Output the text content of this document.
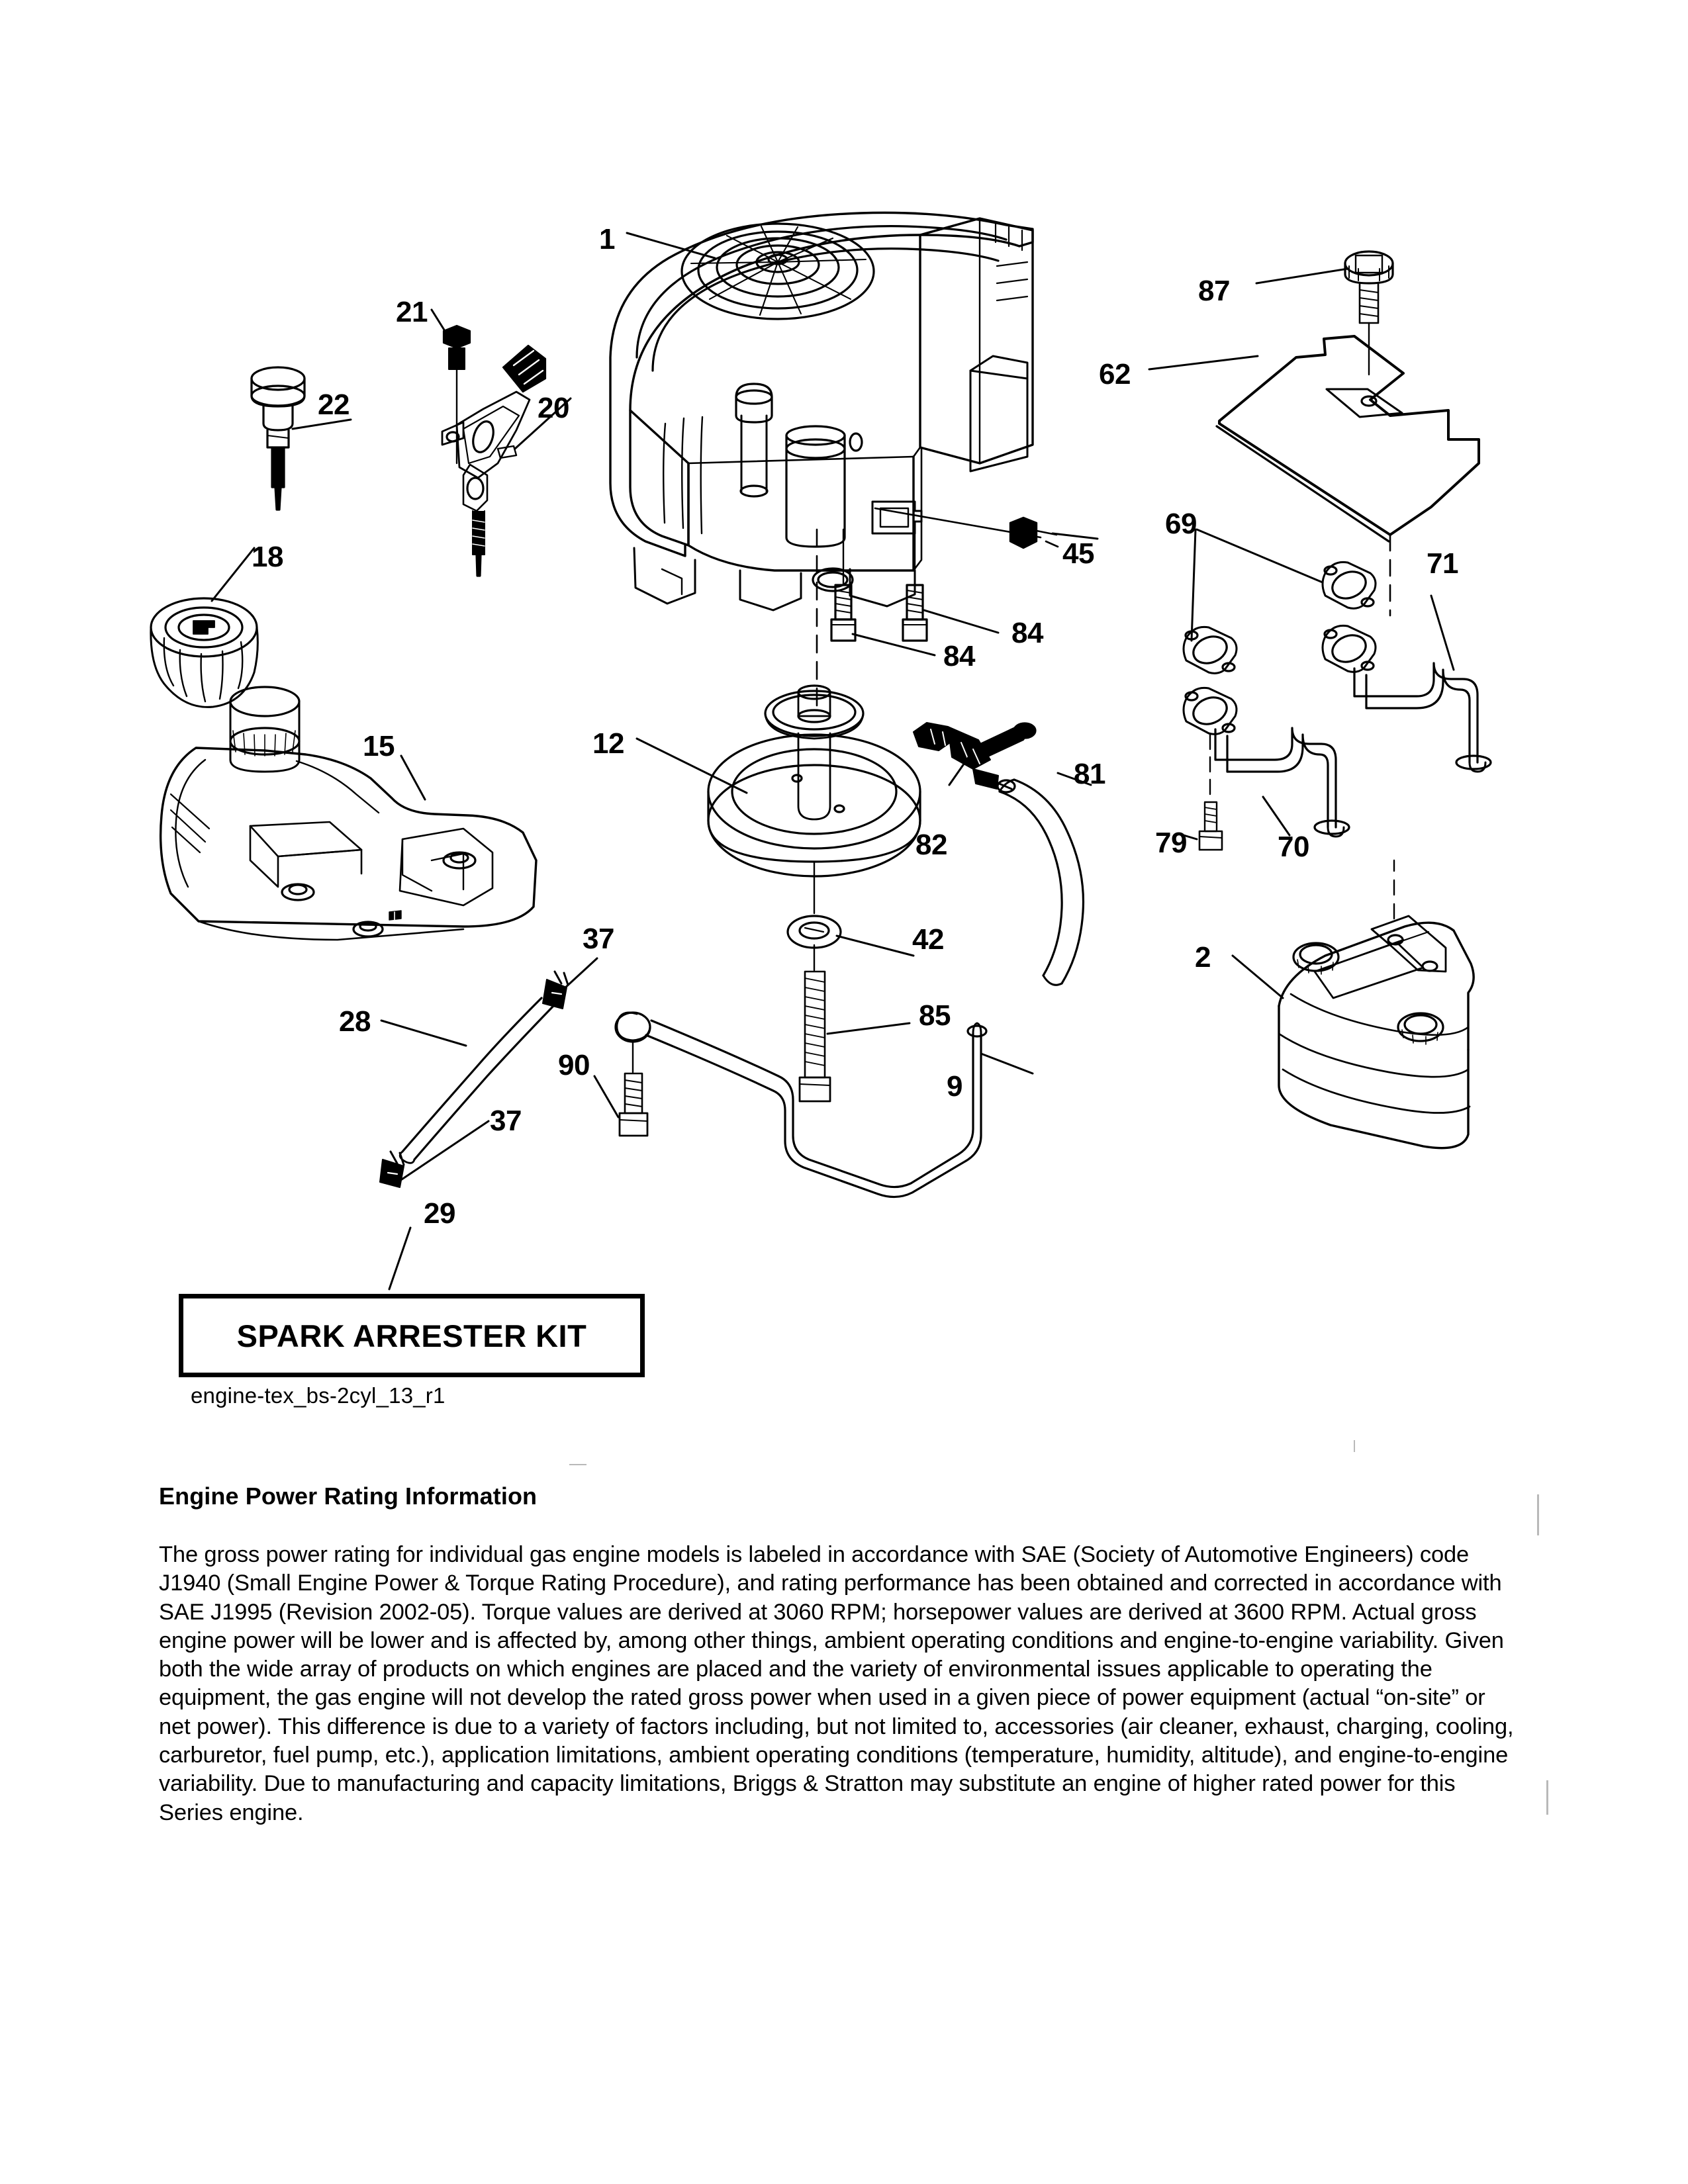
1
21
22	20
87
62
18	45
69
71
84
84
15	12
82
81
79	70
37	42
2
28	85
90
9
37
29
SPARK ARRESTER KIT
engine-tex_bs-2cyl_13_r1
Engine Power Rating Information

The gross power rating for individual gas engine models is labeled in accordance with SAE (Society of Automotive Engineers) code J1940 (Small Engine Power & Torque Rating Procedure), and rating performance has been obtained and corrected in accordance with SAE J1995 (Revision 2002-05). Torque values are derived at 3060 RPM; horsepower values are derived at 3600 RPM. Actual gross engine power will be lower and is affected by, among other things, ambient operating conditions and engine-to-engine variability. Given both the wide array of products on which engines are placed and the variety of environmental issues applicable to operating the equipment, the gas engine will not develop the rated gross power when used in a given piece of power equipment (actual “on-site” or net power). This difference is due to a variety of factors including, but not limited to, accessories (air cleaner, exhaust, charging, cooling, carburetor, fuel pump, etc.), application limitations, ambient operating conditions (temperature, humidity, altitude), and engine-to-engine variability. Due to manufacturing and capacity limitations, Briggs & Stratton may substitute an engine of higher rated power for this Series engine.
